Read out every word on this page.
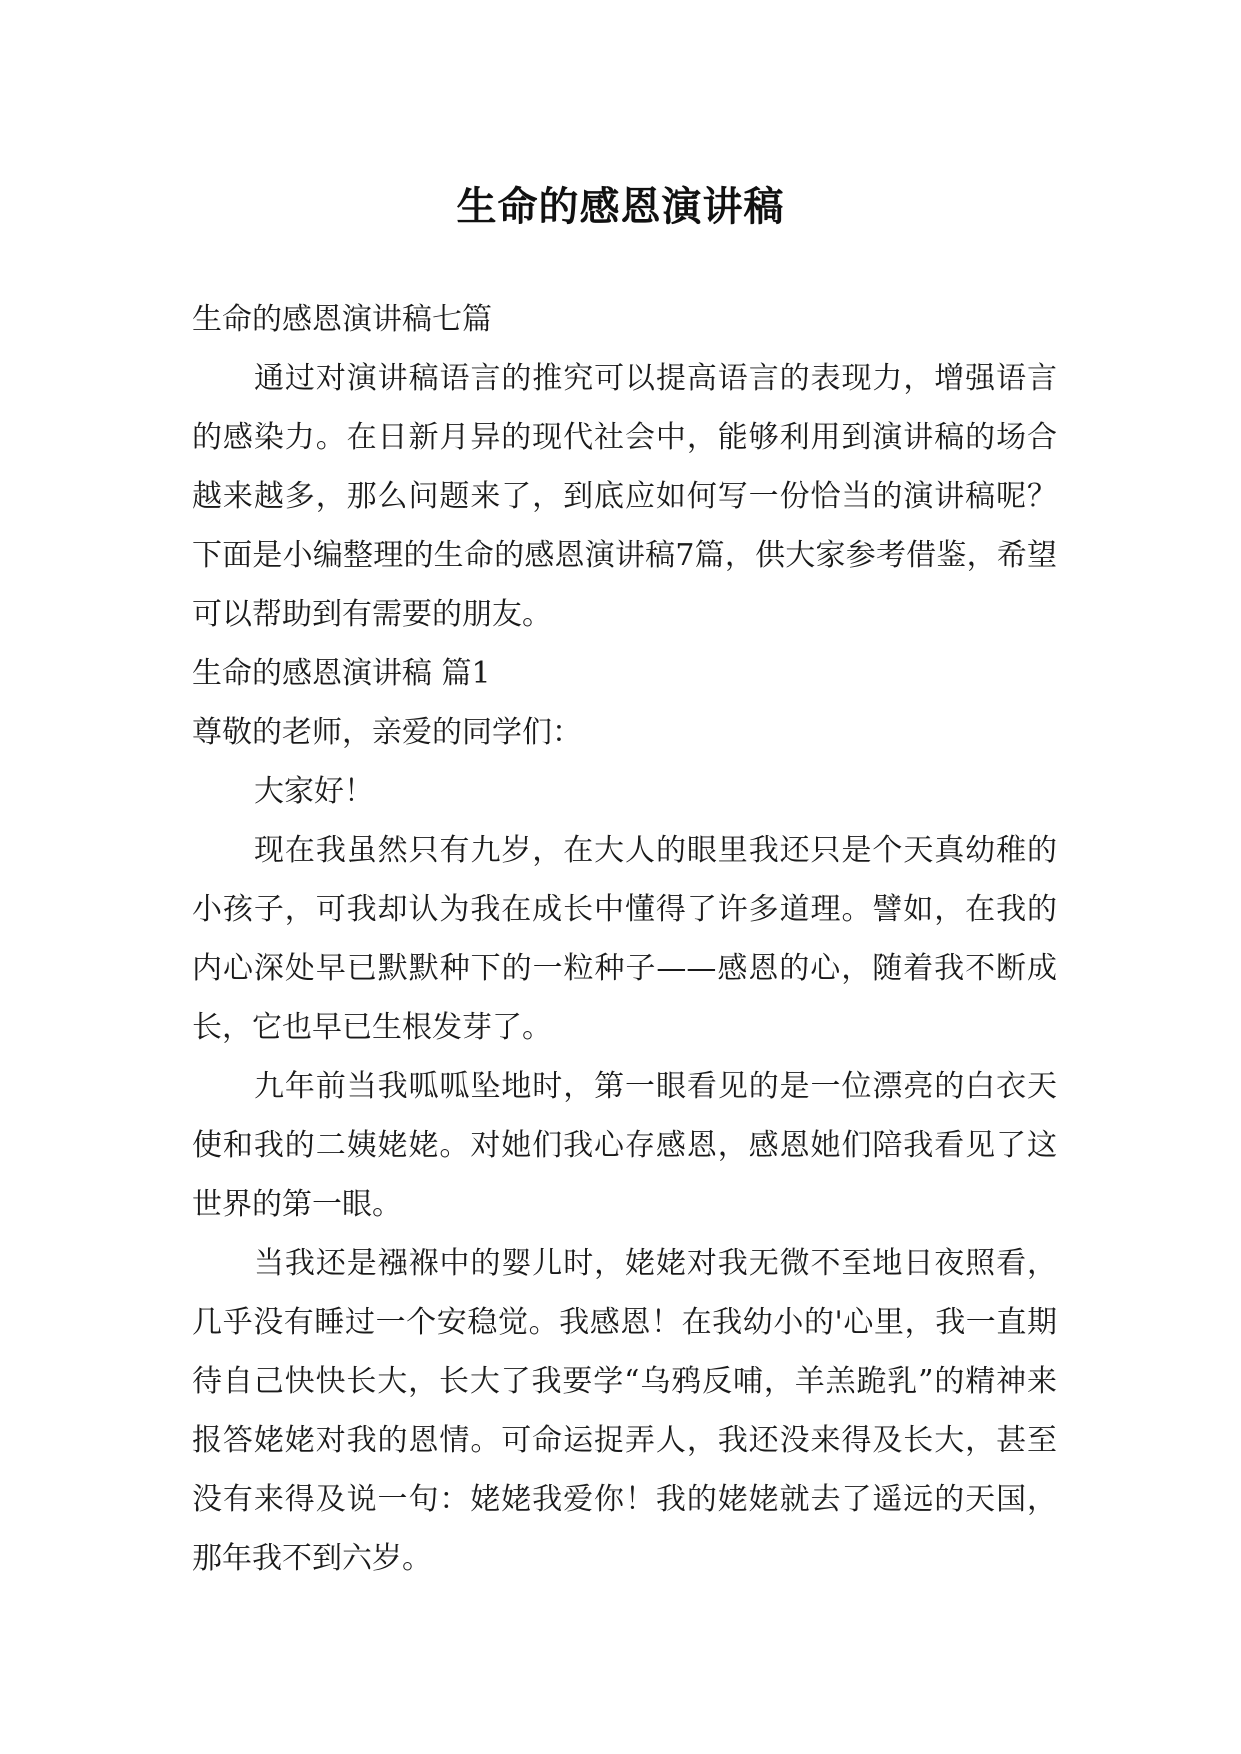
生命的感恩演讲稿

生命的感恩演讲稿七篇

通过对演讲稿语言的推究可以提高语言的表现力，增强语言的感染力。在日新月异的现代社会中，能够利用到演讲稿的场合越来越多，那么问题来了，到底应如何写一份恰当的演讲稿呢？下面是小编整理的生命的感恩演讲稿7篇，供大家参考借鉴，希望可以帮助到有需要的朋友。

生命的感恩演讲稿 篇1

尊敬的老师，亲爱的同学们：

大家好！

现在我虽然只有九岁，在大人的眼里我还只是个天真幼稚的小孩子，可我却认为我在成长中懂得了许多道理。譬如，在我的内心深处早已默默种下的一粒种子——感恩的心，随着我不断成长，它也早已生根发芽了。

九年前当我呱呱坠地时，第一眼看见的是一位漂亮的白衣天使和我的二姨姥姥。对她们我心存感恩，感恩她们陪我看见了这世界的第一眼。

当我还是襁褓中的婴儿时，姥姥对我无微不至地日夜照看，几乎没有睡过一个安稳觉。我感恩！在我幼小的'心里，我一直期待自己快快长大，长大了我要学“乌鸦反哺，羊羔跪乳”的精神来报答姥姥对我的恩情。可命运捉弄人，我还没来得及长大，甚至没有来得及说一句：姥姥我爱你！我的姥姥就去了遥远的天国，那年我不到六岁。
